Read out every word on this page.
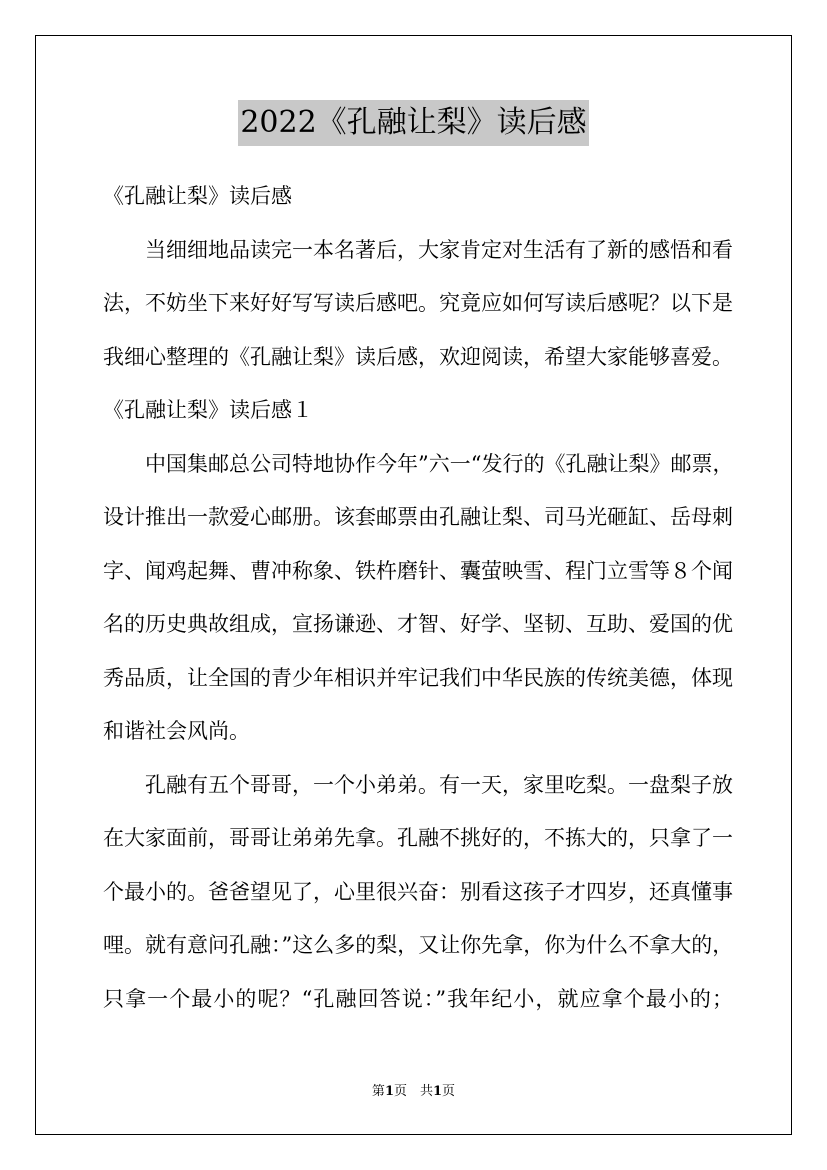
2022《孔融让梨》读后感
《孔融让梨》读后感
当细细地品读完一本名著后，大家肯定对生活有了新的感悟和看
法，不妨坐下来好好写写读后感吧。究竟应如何写读后感呢？以下是
我细心整理的《孔融让梨》读后感，欢迎阅读，希望大家能够喜爱。
《孔融让梨》读后感１
中国集邮总公司特地协作今年”六一“发行的《孔融让梨》邮票，
设计推出一款爱心邮册。该套邮票由孔融让梨、司马光砸缸、岳母刺
字、闻鸡起舞、曹冲称象、铁杵磨针、囊萤映雪、程门立雪等８个闻
名的历史典故组成，宣扬谦逊、才智、好学、坚韧、互助、爱国的优
秀品质，让全国的青少年相识并牢记我们中华民族的传统美德，体现
和谐社会风尚。
孔融有五个哥哥，一个小弟弟。有一天，家里吃梨。一盘梨子放
在大家面前，哥哥让弟弟先拿。孔融不挑好的，不拣大的，只拿了一
个最小的。爸爸望见了，心里很兴奋：别看这孩子才四岁，还真懂事
哩。就有意问孔融：”这么多的梨，又让你先拿，你为什么不拿大的，
只拿一个最小的呢？“孔融回答说：”我年纪小，就应拿个最小的；
第1页　共1页
